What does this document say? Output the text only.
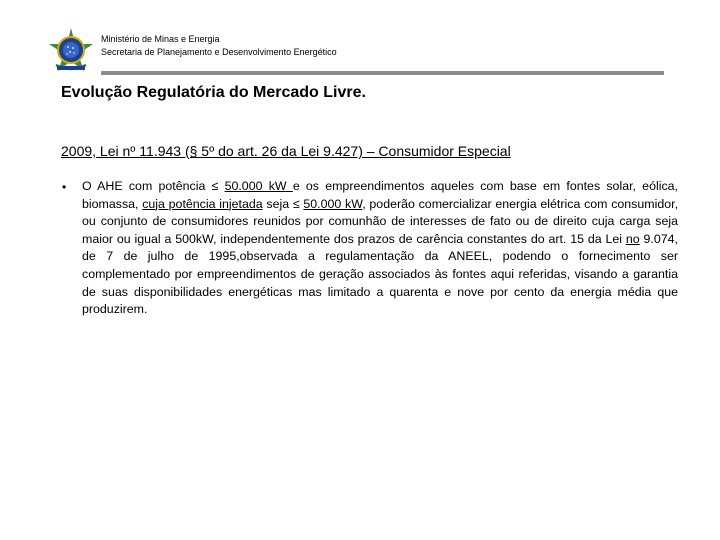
Ministério de Minas e Energia
Secretaria de Planejamento e Desenvolvimento Energético
Evolução Regulatória do Mercado Livre.
2009, Lei nº 11.943 (§ 5º do art. 26 da Lei 9.427) – Consumidor Especial
• O AHE com potência ≤ 50.000 kW e os empreendimentos aqueles com base em fontes solar, eólica, biomassa, cuja potência injetada seja ≤ 50.000 kW, poderão comercializar energia elétrica com consumidor, ou conjunto de consumidores reunidos por comunhão de interesses de fato ou de direito cuja carga seja maior ou igual a 500kW, independentemente dos prazos de carência constantes do art. 15 da Lei no 9.074, de 7 de julho de 1995,observada a regulamentação da ANEEL, podendo o fornecimento ser complementado por empreendimentos de geração associados às fontes aqui referidas, visando a garantia de suas disponibilidades energéticas mas limitado a quarenta e nove por cento da energia média que produzirem.
